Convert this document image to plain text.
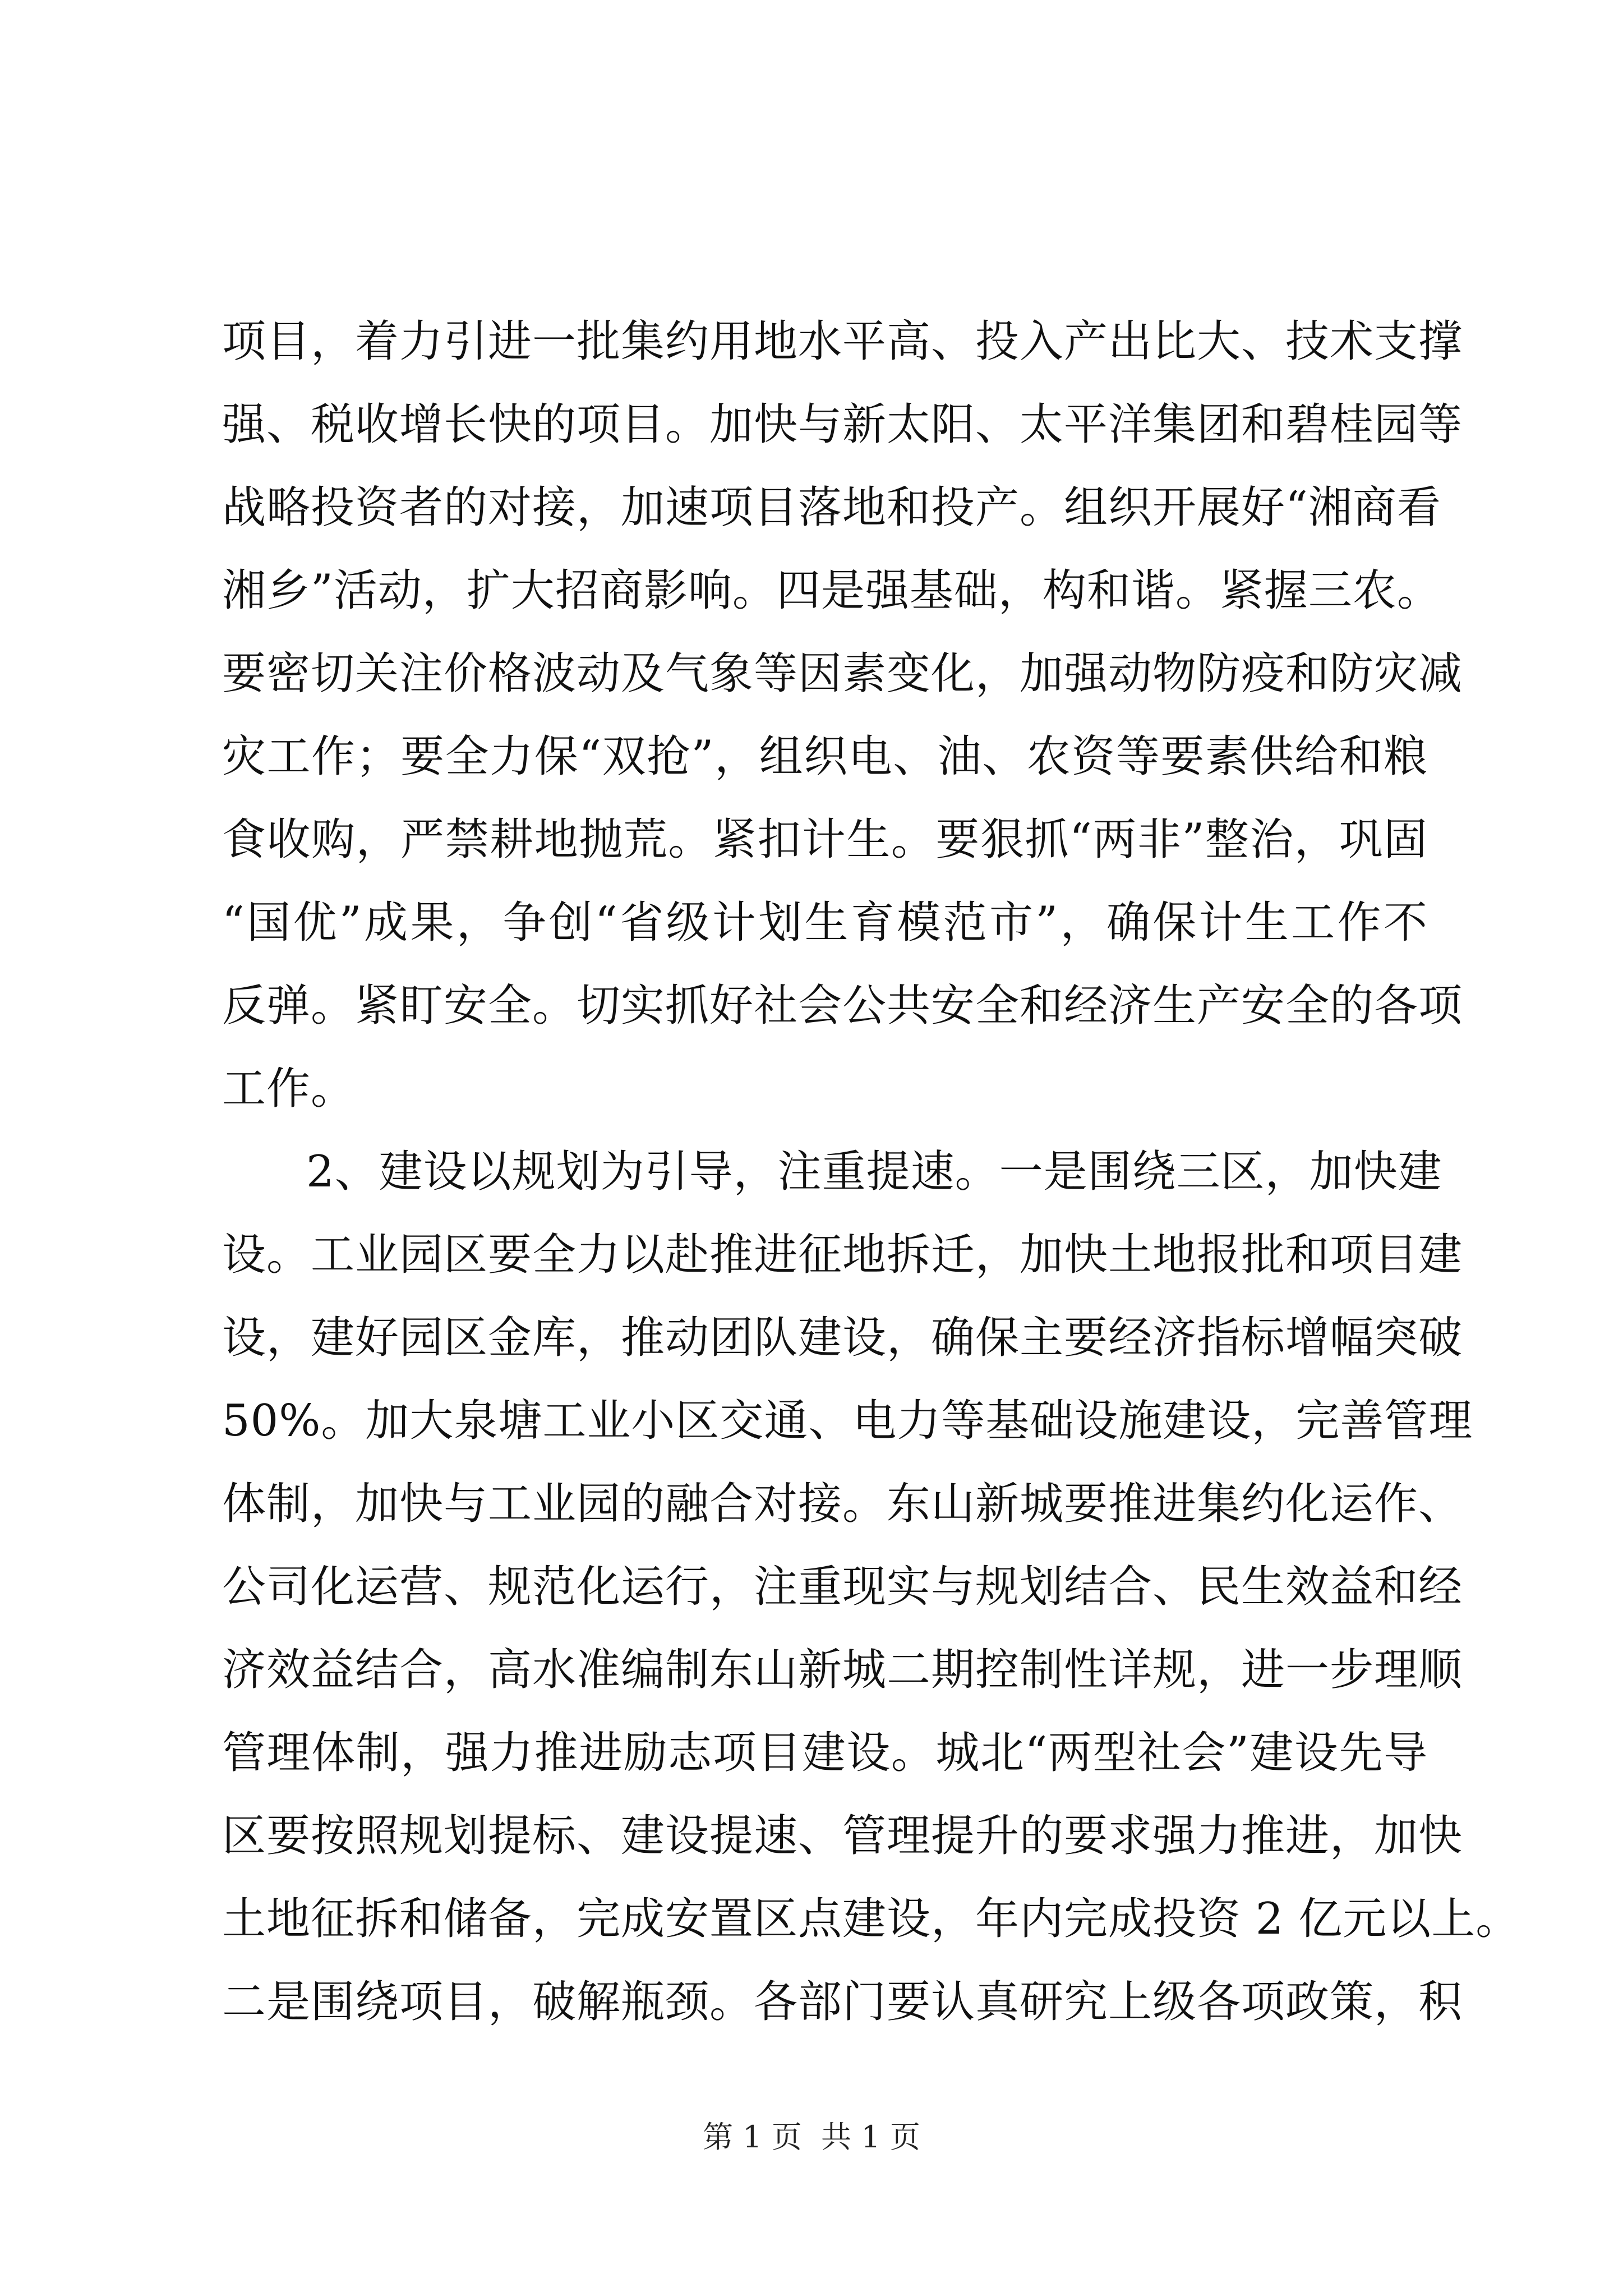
项目，着力引进一批集约用地水平高、投入产出比大、技术支撑
强、税收增长快的项目。加快与新太阳、太平洋集团和碧桂园等
战略投资者的对接，加速项目落地和投产。组织开展好“湘商看
湘乡”活动，扩大招商影响。四是强基础，构和谐。紧握三农。
要密切关注价格波动及气象等因素变化，加强动物防疫和防灾减
灾工作；要全力保“双抢”，组织电、油、农资等要素供给和粮
食收购，严禁耕地抛荒。紧扣计生。要狠抓“两非”整治，巩固
“国优”成果，争创“省级计划生育模范市”，确保计生工作不
反弹。紧盯安全。切实抓好社会公共安全和经济生产安全的各项
工作。
2、建设以规划为引导，注重提速。一是围绕三区，加快建
设。工业园区要全力以赴推进征地拆迁，加快土地报批和项目建
设，建好园区金库，推动团队建设，确保主要经济指标增幅突破
50%。加大泉塘工业小区交通、电力等基础设施建设，完善管理
体制，加快与工业园的融合对接。东山新城要推进集约化运作、
公司化运营、规范化运行，注重现实与规划结合、民生效益和经
济效益结合，高水准编制东山新城二期控制性详规，进一步理顺
管理体制，强力推进励志项目建设。城北“两型社会”建设先导
区要按照规划提标、建设提速、管理提升的要求强力推进，加快
土地征拆和储备，完成安置区点建设，年内完成投资 2 亿元以上。
二是围绕项目，破解瓶颈。各部门要认真研究上级各项政策，积
第 1 页  共 1 页
